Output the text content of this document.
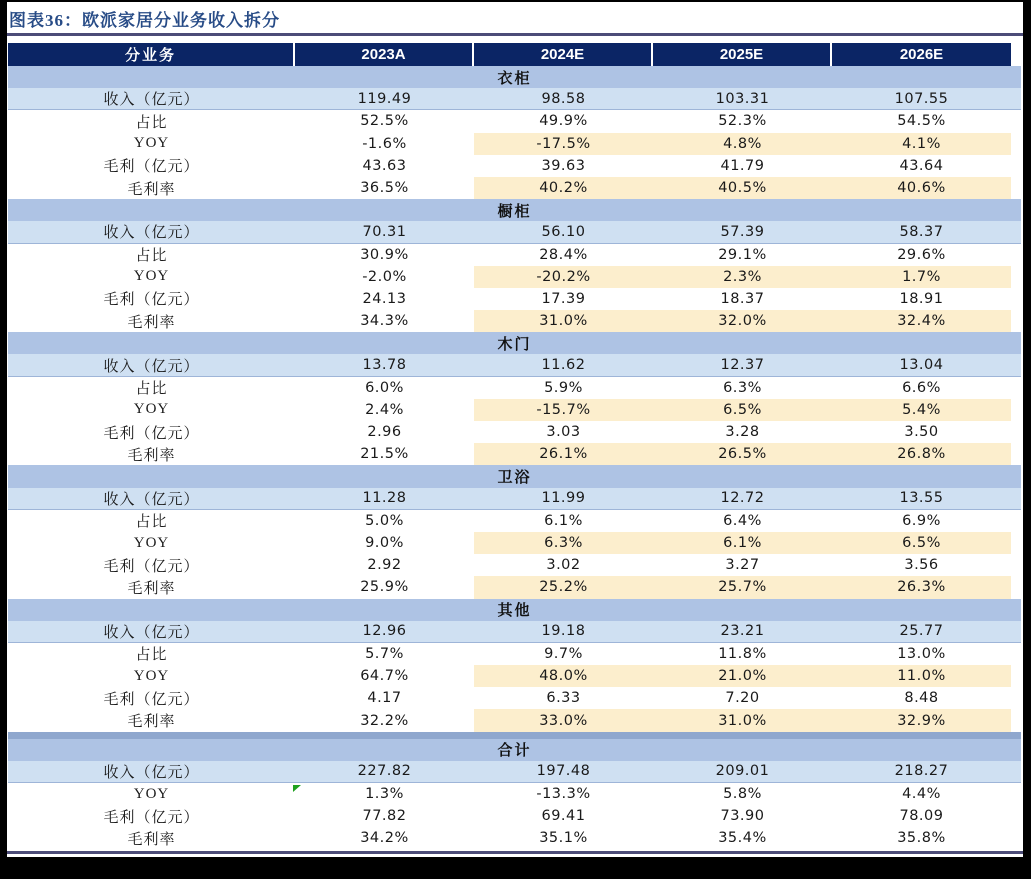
图表36：欧派家居分业务收入拆分
分业务	2023A	2024E	2025E	2026E
衣柜
收入（亿元）	119.49	98.58	103.31	107.55
占比	52.5%	49.9%	52.3%	54.5%
YOY	-1.6%	-17.5%	4.8%	4.1%
毛利（亿元）	43.63	39.63	41.79	43.64
毛利率	36.5%	40.2%	40.5%	40.6%
橱柜
收入（亿元）	70.31	56.10	57.39	58.37
占比	30.9%	28.4%	29.1%	29.6%
YOY	-2.0%	-20.2%	2.3%	1.7%
毛利（亿元）	24.13	17.39	18.37	18.91
毛利率	34.3%	31.0%	32.0%	32.4%
木门
收入（亿元）	13.78	11.62	12.37	13.04
占比	6.0%	5.9%	6.3%	6.6%
YOY	2.4%	-15.7%	6.5%	5.4%
毛利（亿元）	2.96	3.03	3.28	3.50
毛利率	21.5%	26.1%	26.5%	26.8%
卫浴
收入（亿元）	11.28	11.99	12.72	13.55
占比	5.0%	6.1%	6.4%	6.9%
YOY	9.0%	6.3%	6.1%	6.5%
毛利（亿元）	2.92	3.02	3.27	3.56
毛利率	25.9%	25.2%	25.7%	26.3%
其他
收入（亿元）	12.96	19.18	23.21	25.77
占比	5.7%	9.7%	11.8%	13.0%
YOY	64.7%	48.0%	21.0%	11.0%
毛利（亿元）	4.17	6.33	7.20	8.48
毛利率	32.2%	33.0%	31.0%	32.9%
合计
收入（亿元）	227.82	197.48	209.01	218.27
YOY	1.3%	-13.3%	5.8%	4.4%
毛利（亿元）	77.82	69.41	73.90	78.09
毛利率	34.2%	35.1%	35.4%	35.8%
